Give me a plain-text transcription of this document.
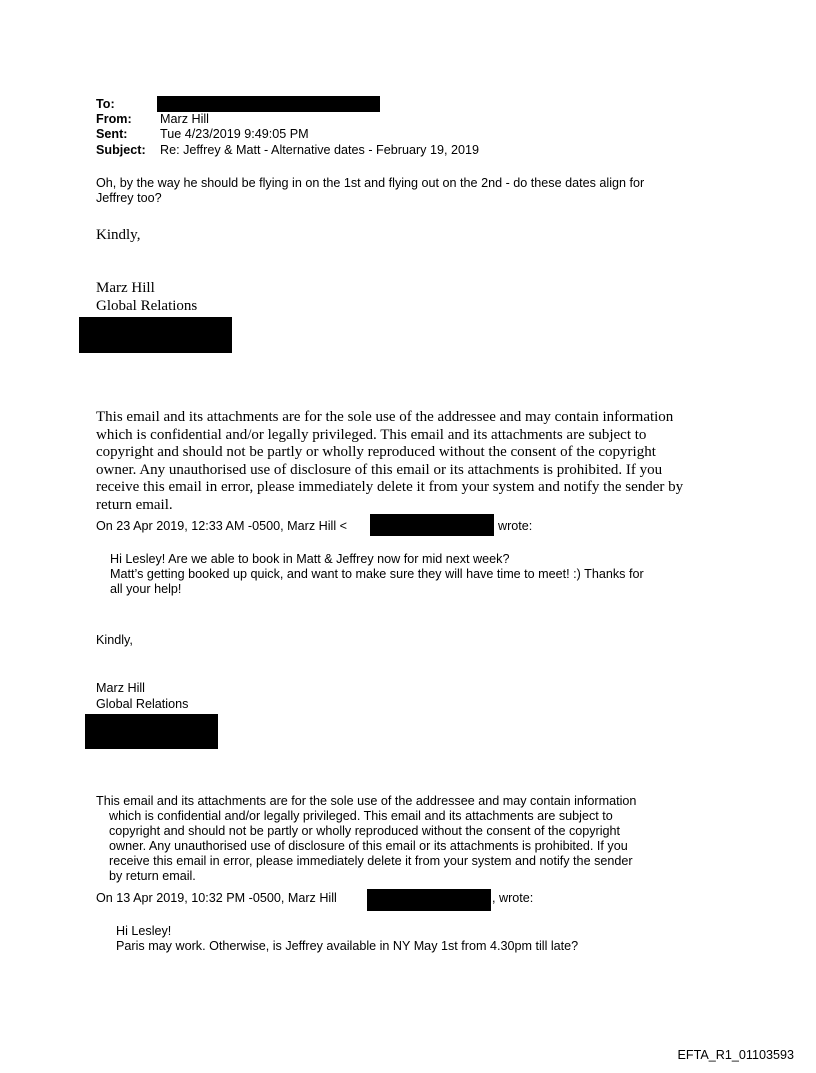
To:
From: Marz Hill
Sent:	Tue 4/23/2019 9:49:05 PM
Subject: Re: Jeffrey & Matt - Alternative dates - February 19, 2019
Oh, by the way he should be flying in on the 1st and flying out on the 2nd - do these dates align for
Jeffrey too?
Kindly,
Marz Hill
Global Relations
This email and its attachments are for the sole use of the addressee and may contain information
which is confidential and/or legally privileged. This email and its attachments are subject to
copyright and should not be partly or wholly reproduced without the consent of the copyright
owner. Any unauthorised use of disclosure of this email or its attachments is prohibited. If you
receive this email in error, please immediately delete it from your system and notify the sender by
return email.
On 23 Apr 2019, 12:33 AM -0500, Marz Hill <	, wrote:
Hi Lesley! Are we able to book in Matt & Jeffrey now for mid next week?
Matt’s getting booked up quick, and want to make sure they will have time to meet! :) Thanks for
all your help!
Kindly,
Marz Hill
Global Relations
This email and its attachments are for the sole use of the addressee and may contain information
which is confidential and/or legally privileged. This email and its attachments are subject to
copyright and should not be partly or wholly reproduced without the consent of the copyright
owner. Any unauthorised use of disclosure of this email or its attachments is prohibited. If you
receive this email in error, please immediately delete it from your system and notify the sender
by return email.
On 13 Apr 2019, 10:32 PM -0500, Marz Hill	, wrote:
Hi Lesley!
Paris may work. Otherwise, is Jeffrey available in NY May 1st from 4.30pm till late?
EFTA_R1_01103593
